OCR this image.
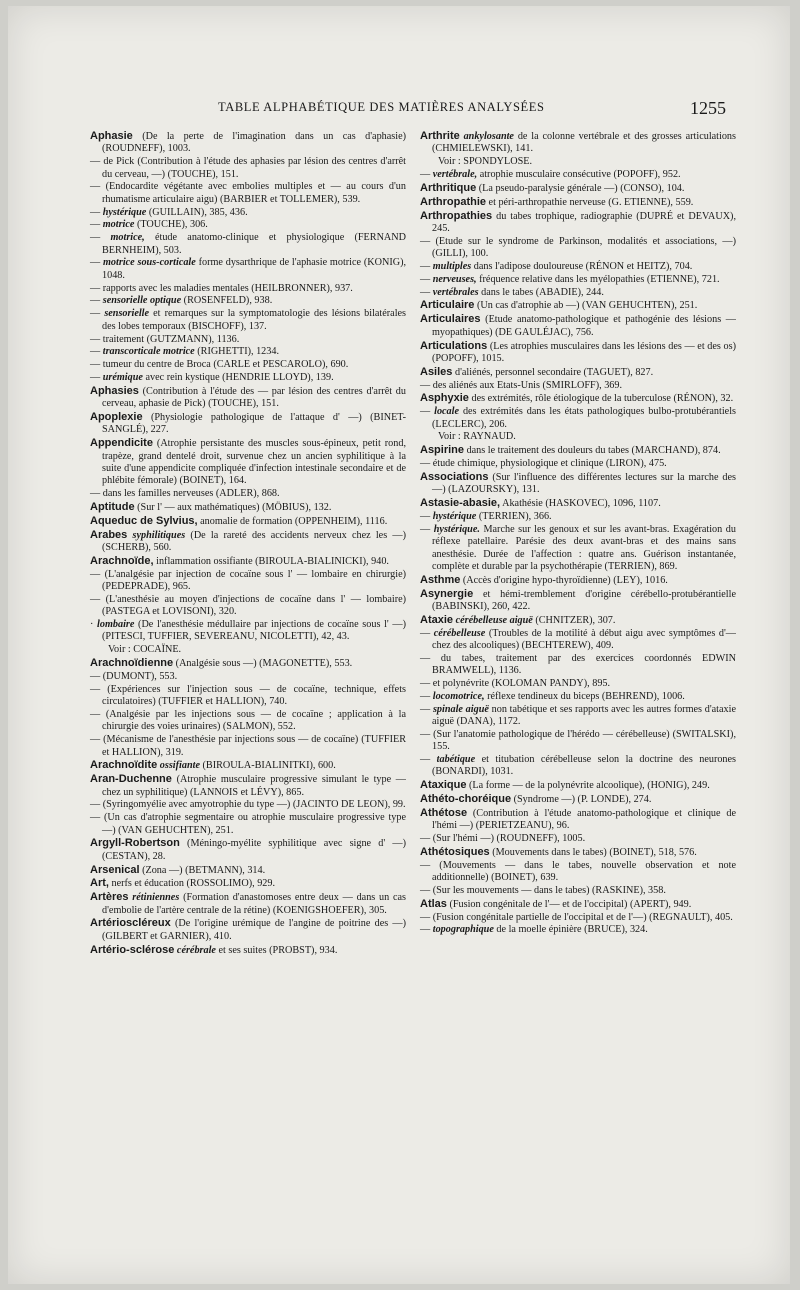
TABLE ALPHABÉTIQUE DES MATIÈRES ANALYSÉES	1255

Aphasie (De la perte de l'imagination dans un cas d'aphasie) (ROUDNEFF), 1003.

— de Pick (Contribution à l'étude des aphasies par lésion des centres d'arrêt du cerveau, —) (TOUCHE), 151.

— (Endocardite végétante avec embolies multiples et — au cours d'un rhumatisme articulaire aigu) (BARBIER et TOLLEMER), 539.

— hystérique (GUILLAIN), 385, 436.

— motrice (TOUCHE), 306.

— motrice, étude anatomo-clinique et physiologique (FERNAND BERNHEIM), 503.

— motrice sous-corticale forme dysarthrique de l'aphasie motrice (KONIG), 1048.

— rapports avec les maladies mentales (HEILBRONNER), 937.

— sensorielle optique (ROSENFELD), 938.

— sensorielle et remarques sur la symptomatologie des lésions bilatérales des lobes temporaux (BISCHOFF), 137.

— traitement (GUTZMANN), 1136.

— transcorticale motrice (RIGHETTI), 1234.

— tumeur du centre de Broca (CARLE et PESCAROLO), 690.

— urémique avec rein kystique (HENDRIE LLOYD), 139.

Aphasies (Contribution à l'étude des — par lésion des centres d'arrêt du cerveau, aphasie de Pick) (TOUCHE), 151.

Apoplexie (Physiologie pathologique de l'attaque d' —) (BINET-SANGLÉ), 227.

Appendicite (Atrophie persistante des muscles sous-épineux, petit rond, trapèze, grand dentelé droit, survenue chez un ancien syphilitique à la suite d'une appendicite compliquée d'infection intestinale secondaire et de phlébite fémorale) (BOINET), 164.

— dans les familles nerveuses (ADLER), 868.

Aptitude (Sur l' — aux mathématiques) (MÖBIUS), 132.

Aqueduc de Sylvius, anomalie de formation (OPPENHEIM), 1116.

Arabes syphilitiques (De la rareté des accidents nerveux chez les —) (SCHERB), 560.

Arachnoïde, inflammation ossifiante (BIROULA-BIALINICKI), 940.

— (L'analgésie par injection de cocaïne sous l' — lombaire en chirurgie) (PEDEPRADE), 965.

— (L'anesthésie au moyen d'injections de cocaïne dans l' — lombaire) (PASTEGA et LOVISONI), 320.

· lombaire (De l'anesthésie médullaire par injections de cocaïne sous l' —) (PITESCI, TUFFIER, SEVEREANU, NICOLETTI), 42, 43.

Voir : COCAÏNE.

Arachnoïdienne (Analgésie sous —) (MAGONETTE), 553.

— (DUMONT), 553.

— (Expériences sur l'injection sous — de cocaïne, technique, effets circulatoires) (TUFFIER et HALLION), 740.

— (Analgésie par les injections sous — de cocaïne ; application à la chirurgie des voies urinaires) (SALMON), 552.

— (Mécanisme de l'anesthésie par injections sous — de cocaïne) (TUFFIER et HALLION), 319.

Arachnoïdite ossifiante (BIROULA-BIALINITKI), 600.

Aran-Duchenne (Atrophie musculaire progressive simulant le type — chez un syphilitique) (LANNOIS et LÉVY), 865.

— (Syringomyélie avec amyotrophie du type —) (JACINTO DE LEON), 99.

— (Un cas d'atrophie segmentaire ou atrophie musculaire progressive type —) (VAN GEHUCHTEN), 251.

Argyll-Robertson (Méningo-myélite syphilitique avec signe d' —) (CESTAN), 28.

Arsenical (Zona —) (BETMANN), 314.

Art, nerfs et éducation (ROSSOLIMO), 929.

Artères rétiniennes (Formation d'anastomoses entre deux — dans un cas d'embolie de l'artère centrale de la rétine) (KOENIGSHOEFER), 305.

Artérioscléreux (De l'origine urémique de l'angine de poitrine des —) (GILBERT et GARNIER), 410.

Artério-sclérose cérébrale et ses suites (PROBST), 934.

Arthrite ankylosante de la colonne vertébrale et des grosses articulations (CHMIELEWSKI), 141.

Voir : SPONDYLOSE.

— vertébrale, atrophie musculaire consécutive (POPOFF), 952.

Arthritique (La pseudo-paralysie générale —) (CONSO), 104.

Arthropathie et péri-arthropathie nerveuse (G. ETIENNE), 559.

Arthropathies du tabes trophique, radiographie (DUPRÉ et DEVAUX), 245.

— (Etude sur le syndrome de Parkinson, modalités et associations, —) (GILLI), 100.

— multiples dans l'adipose douloureuse (RÉNON et HEITZ), 704.

— nerveuses, fréquence relative dans les myélopathies (ETIENNE), 721.

— vertébrales dans le tabes (ABADIE), 244.

Articulaire (Un cas d'atrophie ab —) (VAN GEHUCHTEN), 251.

Articulaires (Etude anatomo-pathologique et pathogénie des lésions — myopathiques) (DE GAULÉJAC), 756.

Articulations (Les atrophies musculaires dans les lésions des — et des os) (POPOFF), 1015.

Asiles d'aliénés, personnel secondaire (TAGUET), 827.

— des aliénés aux Etats-Unis (SMIRLOFF), 369.

Asphyxie des extrémités, rôle étiologique de la tuberculose (RÉNON), 32.

— locale des extrémités dans les états pathologiques bulbo-protubérantiels (LECLERC), 206.

Voir : RAYNAUD.

Aspirine dans le traitement des douleurs du tabes (MARCHAND), 874.

— étude chimique, physiologique et clinique (LIRON), 475.

Associations (Sur l'influence des différentes lectures sur la marche des —) (LAZOURSKY), 131.

Astasie-abasie, Akathésie (HASKOVEC), 1096, 1107.

— hystérique (TERRIEN), 366.

— hystérique. Marche sur les genoux et sur les avant-bras. Exagération du réflexe patellaire. Parésie des deux avant-bras et des mains sans anesthésie. Durée de l'affection : quatre ans. Guérison instantanée, complète et durable par la psychothérapie (TERRIEN), 869.

Asthme (Accès d'origine hypo-thyroïdienne) (LEY), 1016.

Asynergie et hémi-tremblement d'origine cérébello-protubérantielle (BABINSKI), 260, 422.

Ataxie cérébelleuse aiguë (CHNITZER), 307.

— cérébelleuse (Troubles de la motilité à début aigu avec symptômes d'— chez des alcooliques) (BECHTEREW), 409.

— du tabes, traitement par des exercices coordonnés EDWIN BRAMWELL), 1136.

— et polynévrite (KOLOMAN PANDY), 895.

— locomotrice, réflexe tendineux du biceps (BEHREND), 1006.

— spinale aiguë non tabétique et ses rapports avec les autres formes d'ataxie aiguë (DANA), 1172.

— (Sur l'anatomie pathologique de l'hérédo — cérébelleuse) (SWITALSKI), 155.

— tabétique et titubation cérébelleuse selon la doctrine des neurones (BONARDI), 1031.

Ataxique (La forme — de la polynévrite alcoolique), (HONIG), 249.

Athéto-choréique (Syndrome —) (P. LONDE), 274.

Athétose (Contribution à l'étude anatomo-pathologique et clinique de l'hémi —) (PERIETZEANU), 96.

— (Sur l'hémi —) (ROUDNEFF), 1005.

Athétosiques (Mouvements dans le tabes) (BOINET), 518, 576.

— (Mouvements — dans le tabes, nouvelle observation et note additionnelle) (BOINET), 639.

— (Sur les mouvements — dans le tabes) (RASKINE), 358.

Atlas (Fusion congénitale de l'— et de l'occipital) (APERT), 949.

— (Fusion congénitale partielle de l'occipital et de l'—) (REGNAULT), 405.

— topographique de la moelle épinière (BRUCE), 324.
